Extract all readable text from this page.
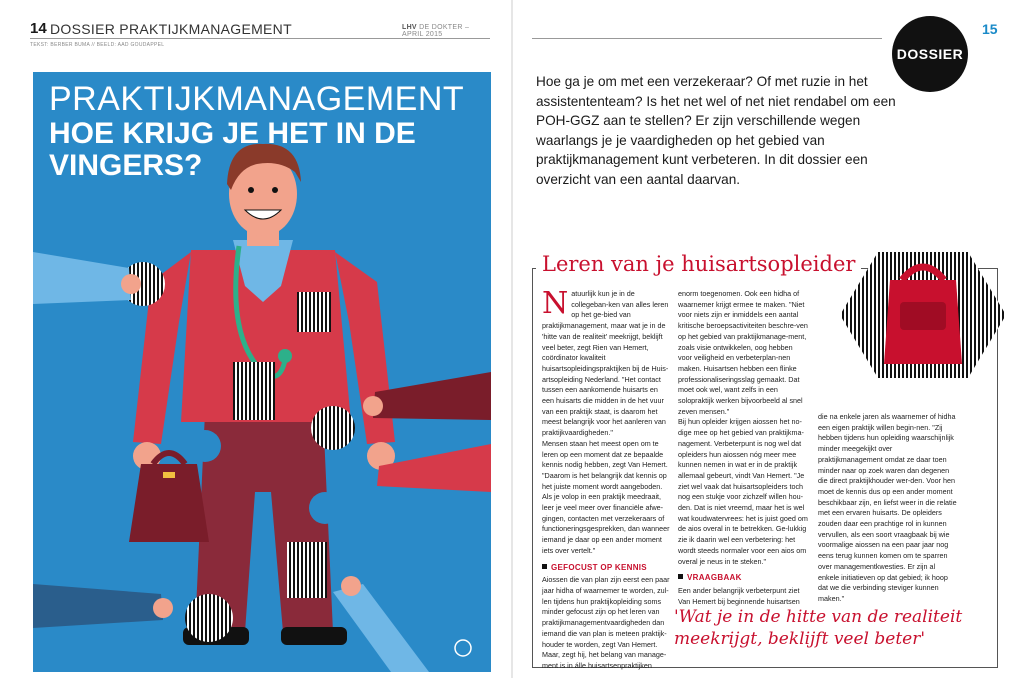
14 DOSSIER PRAKTIJKMANAGEMENT	LHV DE DOKTER – APRIL 2015
TEKST: BERBER BUMA // BEELD: AAD GOUDAPPEL
PRAKTIJKMANAGEMENT
HOE KRIJG JE HET IN DE VINGERS?
DOSSIER
15
Hoe ga je om met een verzekeraar? Of met ruzie in het assistententeam? Is het net wel of net niet rendabel om een POH-GGZ aan te stellen? Er zijn verschillende wegen waarlangs je je vaardigheden op het gebied van praktijkmanagement kunt verbeteren. In dit dossier een overzicht van een aantal daarvan.
Leren van je huisartsopleider

Natuurlijk kun je in de collegeban-ken van alles leren op het ge-bied van praktijkmanagement, maar wat je in de 'hitte van de realiteit' meekrijgt, beklijft veel beter, zegt Rien van Hemert, coördinator kwaliteit huisartsopleidingspraktijken bij de Huis-artsopleiding Nederland. "Het contact tussen een aankomende huisarts en een huisarts die midden in de het vuur van een praktijk staat, is daarom het meest belangrijk voor het aanleren van praktijkvaardigheden."

Mensen staan het meest open om te leren op een moment dat ze bepaalde kennis nodig hebben, zegt Van Hemert. "Daarom is het belangrijk dat kennis op het juiste moment wordt aangeboden. Als je volop in een praktijk meedraait, leer je veel meer over financiële afwe-gingen, contacten met verzekeraars of functioneringsgesprekken, dan wanneer iemand je daar op een ander moment iets over vertelt."

GEFOCUST OP KENNIS

Aiossen die van plan zijn eerst een paar jaar hidha of waarnemer te worden, zul-len tijdens hun praktijkopleiding soms minder gefocust zijn op het leren van praktijkmanagementvaardigheden dan iemand die van plan is meteen praktijk-houder te worden, zegt Van Hemert. Maar, zegt hij, het belang van manage-ment is in álle huisartsenpraktijken

enorm toegenomen. Ook een hidha of waarnemer krijgt ermee te maken. "Niet voor niets zijn er inmiddels een aantal kritische beroepsactiviteiten beschre-ven op het gebied van praktijkmanage-ment, zoals visie ontwikkelen, oog hebben voor veiligheid en verbeterplan-nen maken. Huisartsen hebben een flinke professionaliseringsslag gemaakt. Dat moet ook wel, want zelfs in een solopraktijk werken bijvoorbeeld al snel zeven mensen."

Bij hun opleider krijgen aiossen het no-dige mee op het gebied van praktijkma-nagement. Verbeterpunt is nog wel dat opleiders hun aiossen nóg meer mee kunnen nemen in wat er in de praktijk allemaal gebeurt, vindt Van Hemert. "Je ziet wel vaak dat huisartsopleiders toch nog een stukje voor zichzelf willen hou-den. Dat is niet vreemd, maar het is wel wat koudwatervrees: het is juist goed om de aios overal in te betrekken. Ge-lukkig zie ik daarin wel een verbetering: het wordt steeds normaler voor een aios om overal je neus in te steken."

VRAAGBAAK

Een ander belangrijk verbeterpunt ziet Van Hemert bij beginnende huisartsen

die na enkele jaren als waarnemer of hidha een eigen praktijk willen begin-nen. "Zij hebben tijdens hun opleiding waarschijnlijk minder meegekijkt over praktijkmanagement omdat ze daar toen minder naar op zoek waren dan degenen die direct praktijkhouder wer-den. Voor hen moet de kennis dus op een ander moment beschikbaar zijn, en liefst weer in die relatie met een ervaren huisarts. De opleiders zouden daar een prachtige rol in kunnen vervullen, als een soort vraagbaak bij wie voormalige aiossen na een paar jaar nog eens terug kunnen komen om te sparren over managementkwesties. Er zijn al enkele initiatieven op dat gebied; ik hoop dat we die verbinding steviger kunnen maken."

'Wat je in de hitte van de realiteit meekrijgt, beklijft veel beter'
